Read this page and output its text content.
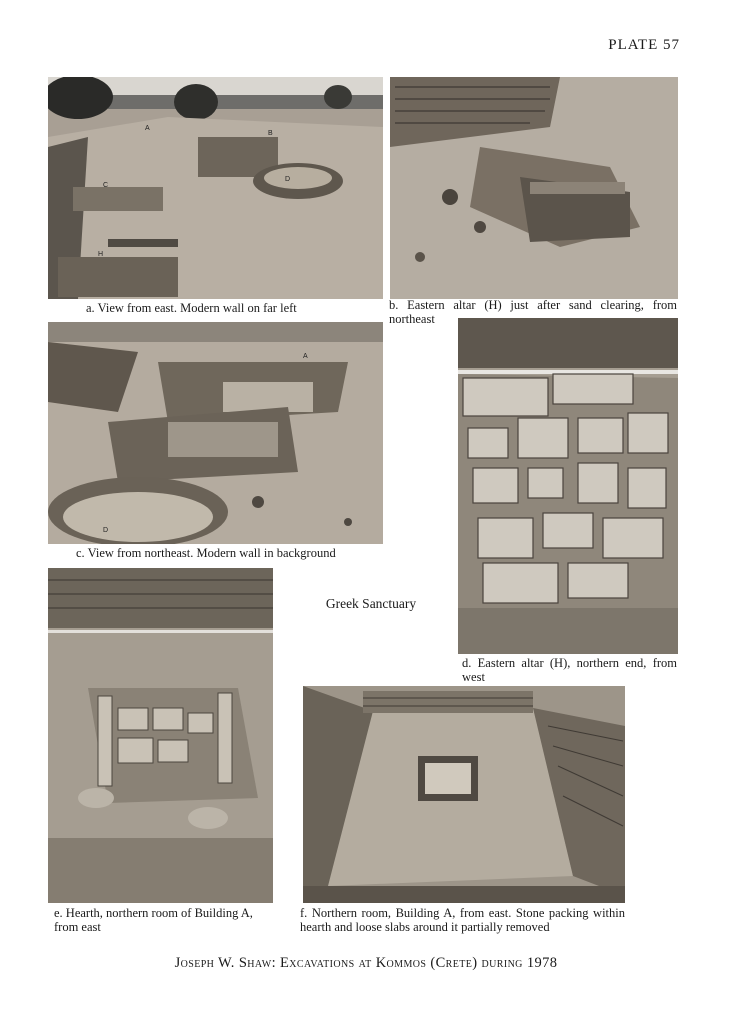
PLATE 57
A
B
C
D
H
a. View from east. Modern wall on far left	b. Eastern altar (H) just after sand clearing, from northeast
A
D
c. View from northeast. Modern wall in background
d. Eastern altar (H), northern end, from west
Greek Sanctuary
e. Hearth, northern room of Building A, from east
f. Northern room, Building A, from east. Stone packing within hearth and loose slabs around it partially removed
Joseph W. Shaw: Excavations at Kommos (Crete) during 1978
